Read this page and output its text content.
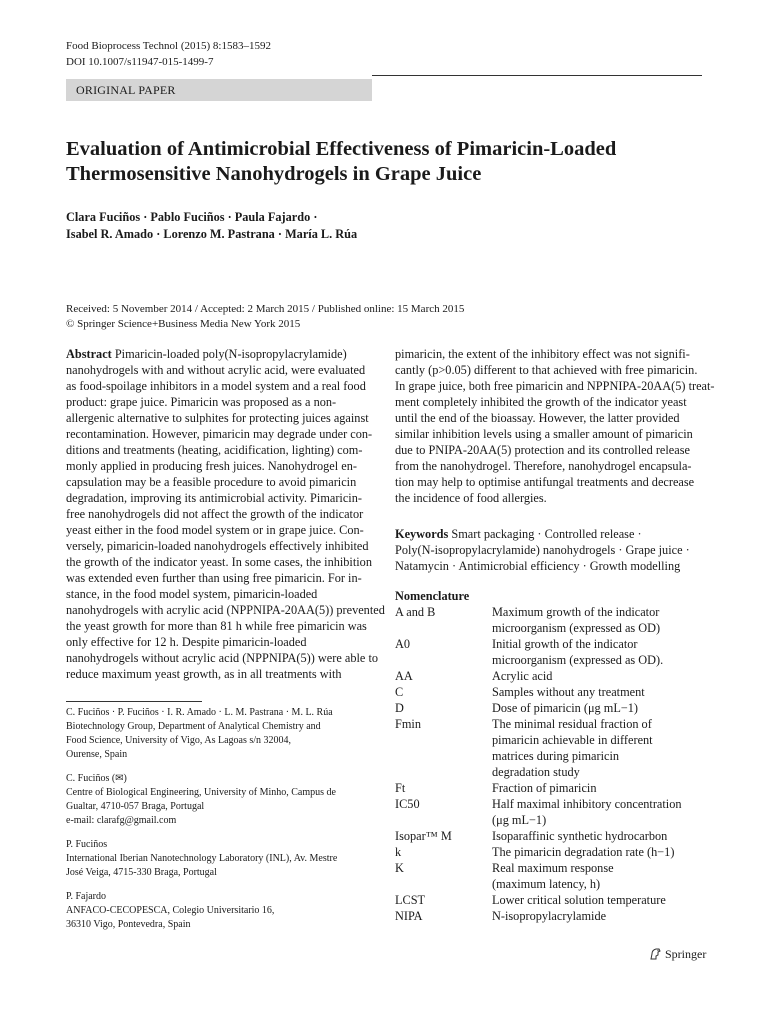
Food Bioprocess Technol (2015) 8:1583–1592
DOI 10.1007/s11947-015-1499-7
ORIGINAL PAPER
Evaluation of Antimicrobial Effectiveness of Pimaricin-Loaded
Thermosensitive Nanohydrogels in Grape Juice
Clara Fuciños · Pablo Fuciños · Paula Fajardo ·
Isabel R. Amado · Lorenzo M. Pastrana · María L. Rúa
Received: 5 November 2014 / Accepted: 2 March 2015 / Published online: 15 March 2015
© Springer Science+Business Media New York 2015
Abstract Pimaricin-loaded poly(N-isopropylacrylamide)
nanohydrogels with and without acrylic acid, were evaluated
as food-spoilage inhibitors in a model system and a real food
product: grape juice. Pimaricin was proposed as a non-
allergenic alternative to sulphites for protecting juices against
recontamination. However, pimaricin may degrade under con-
ditions and treatments (heating, acidification, lighting) com-
monly applied in producing fresh juices. Nanohydrogel en-
capsulation may be a feasible procedure to avoid pimaricin
degradation, improving its antimicrobial activity. Pimaricin-
free nanohydrogels did not affect the growth of the indicator
yeast either in the food model system or in grape juice. Con-
versely, pimaricin-loaded nanohydrogels effectively inhibited
the growth of the indicator yeast. In some cases, the inhibition
was extended even further than using free pimaricin. For in-
stance, in the food model system, pimaricin-loaded
nanohydrogels with acrylic acid (NPPNIPA-20AA(5)) prevented
the yeast growth for more than 81 h while free pimaricin was
only effective for 12 h. Despite pimaricin-loaded
nanohydrogels without acrylic acid (NPPNIPA(5)) were able to
reduce maximum yeast growth, as in all treatments with
C. Fuciños · P. Fuciños · I. R. Amado · L. M. Pastrana · M. L. Rúa
Biotechnology Group, Department of Analytical Chemistry and
Food Science, University of Vigo, As Lagoas s/n 32004,
Ourense, Spain
C. Fuciños (✉)
Centre of Biological Engineering, University of Minho, Campus de
Gualtar, 4710-057 Braga, Portugal
e-mail: clarafg@gmail.com
P. Fuciños
International Iberian Nanotechnology Laboratory (INL), Av. Mestre
José Veiga, 4715-330 Braga, Portugal
P. Fajardo
ANFACO-CECOPESCA, Colegio Universitario 16,
36310 Vigo, Pontevedra, Spain
pimaricin, the extent of the inhibitory effect was not signifi-
cantly (p>0.05) different to that achieved with free pimaricin.
In grape juice, both free pimaricin and NPPNIPA-20AA(5) treat-
ment completely inhibited the growth of the indicator yeast
until the end of the bioassay. However, the latter provided
similar inhibition levels using a smaller amount of pimaricin
due to PNIPA-20AA(5) protection and its controlled release
from the nanohydrogel. Therefore, nanohydrogel encapsula-
tion may help to optimise antifungal treatments and decrease
the incidence of food allergies.
Keywords Smart packaging · Controlled release ·
Poly(N-isopropylacrylamide) nanohydrogels · Grape juice ·
Natamycin · Antimicrobial efficiency · Growth modelling
Nomenclature
A and B	Maximum growth of the indicator
microorganism (expressed as OD)
A0	Initial growth of the indicator
microorganism (expressed as OD).
AA	Acrylic acid
C	Samples without any treatment
D	Dose of pimaricin (μg mL−1)
Fmin	The minimal residual fraction of
pimaricin achievable in different
matrices during pimaricin
degradation study
Ft	Fraction of pimaricin
IC50	Half maximal inhibitory concentration
(μg mL−1)
Isopar™ M	Isoparaffinic synthetic hydrocarbon
k	The pimaricin degradation rate (h−1)
K	Real maximum response
(maximum latency, h)
LCST	Lower critical solution temperature
NIPA	N-isopropylacrylamide
Springer
